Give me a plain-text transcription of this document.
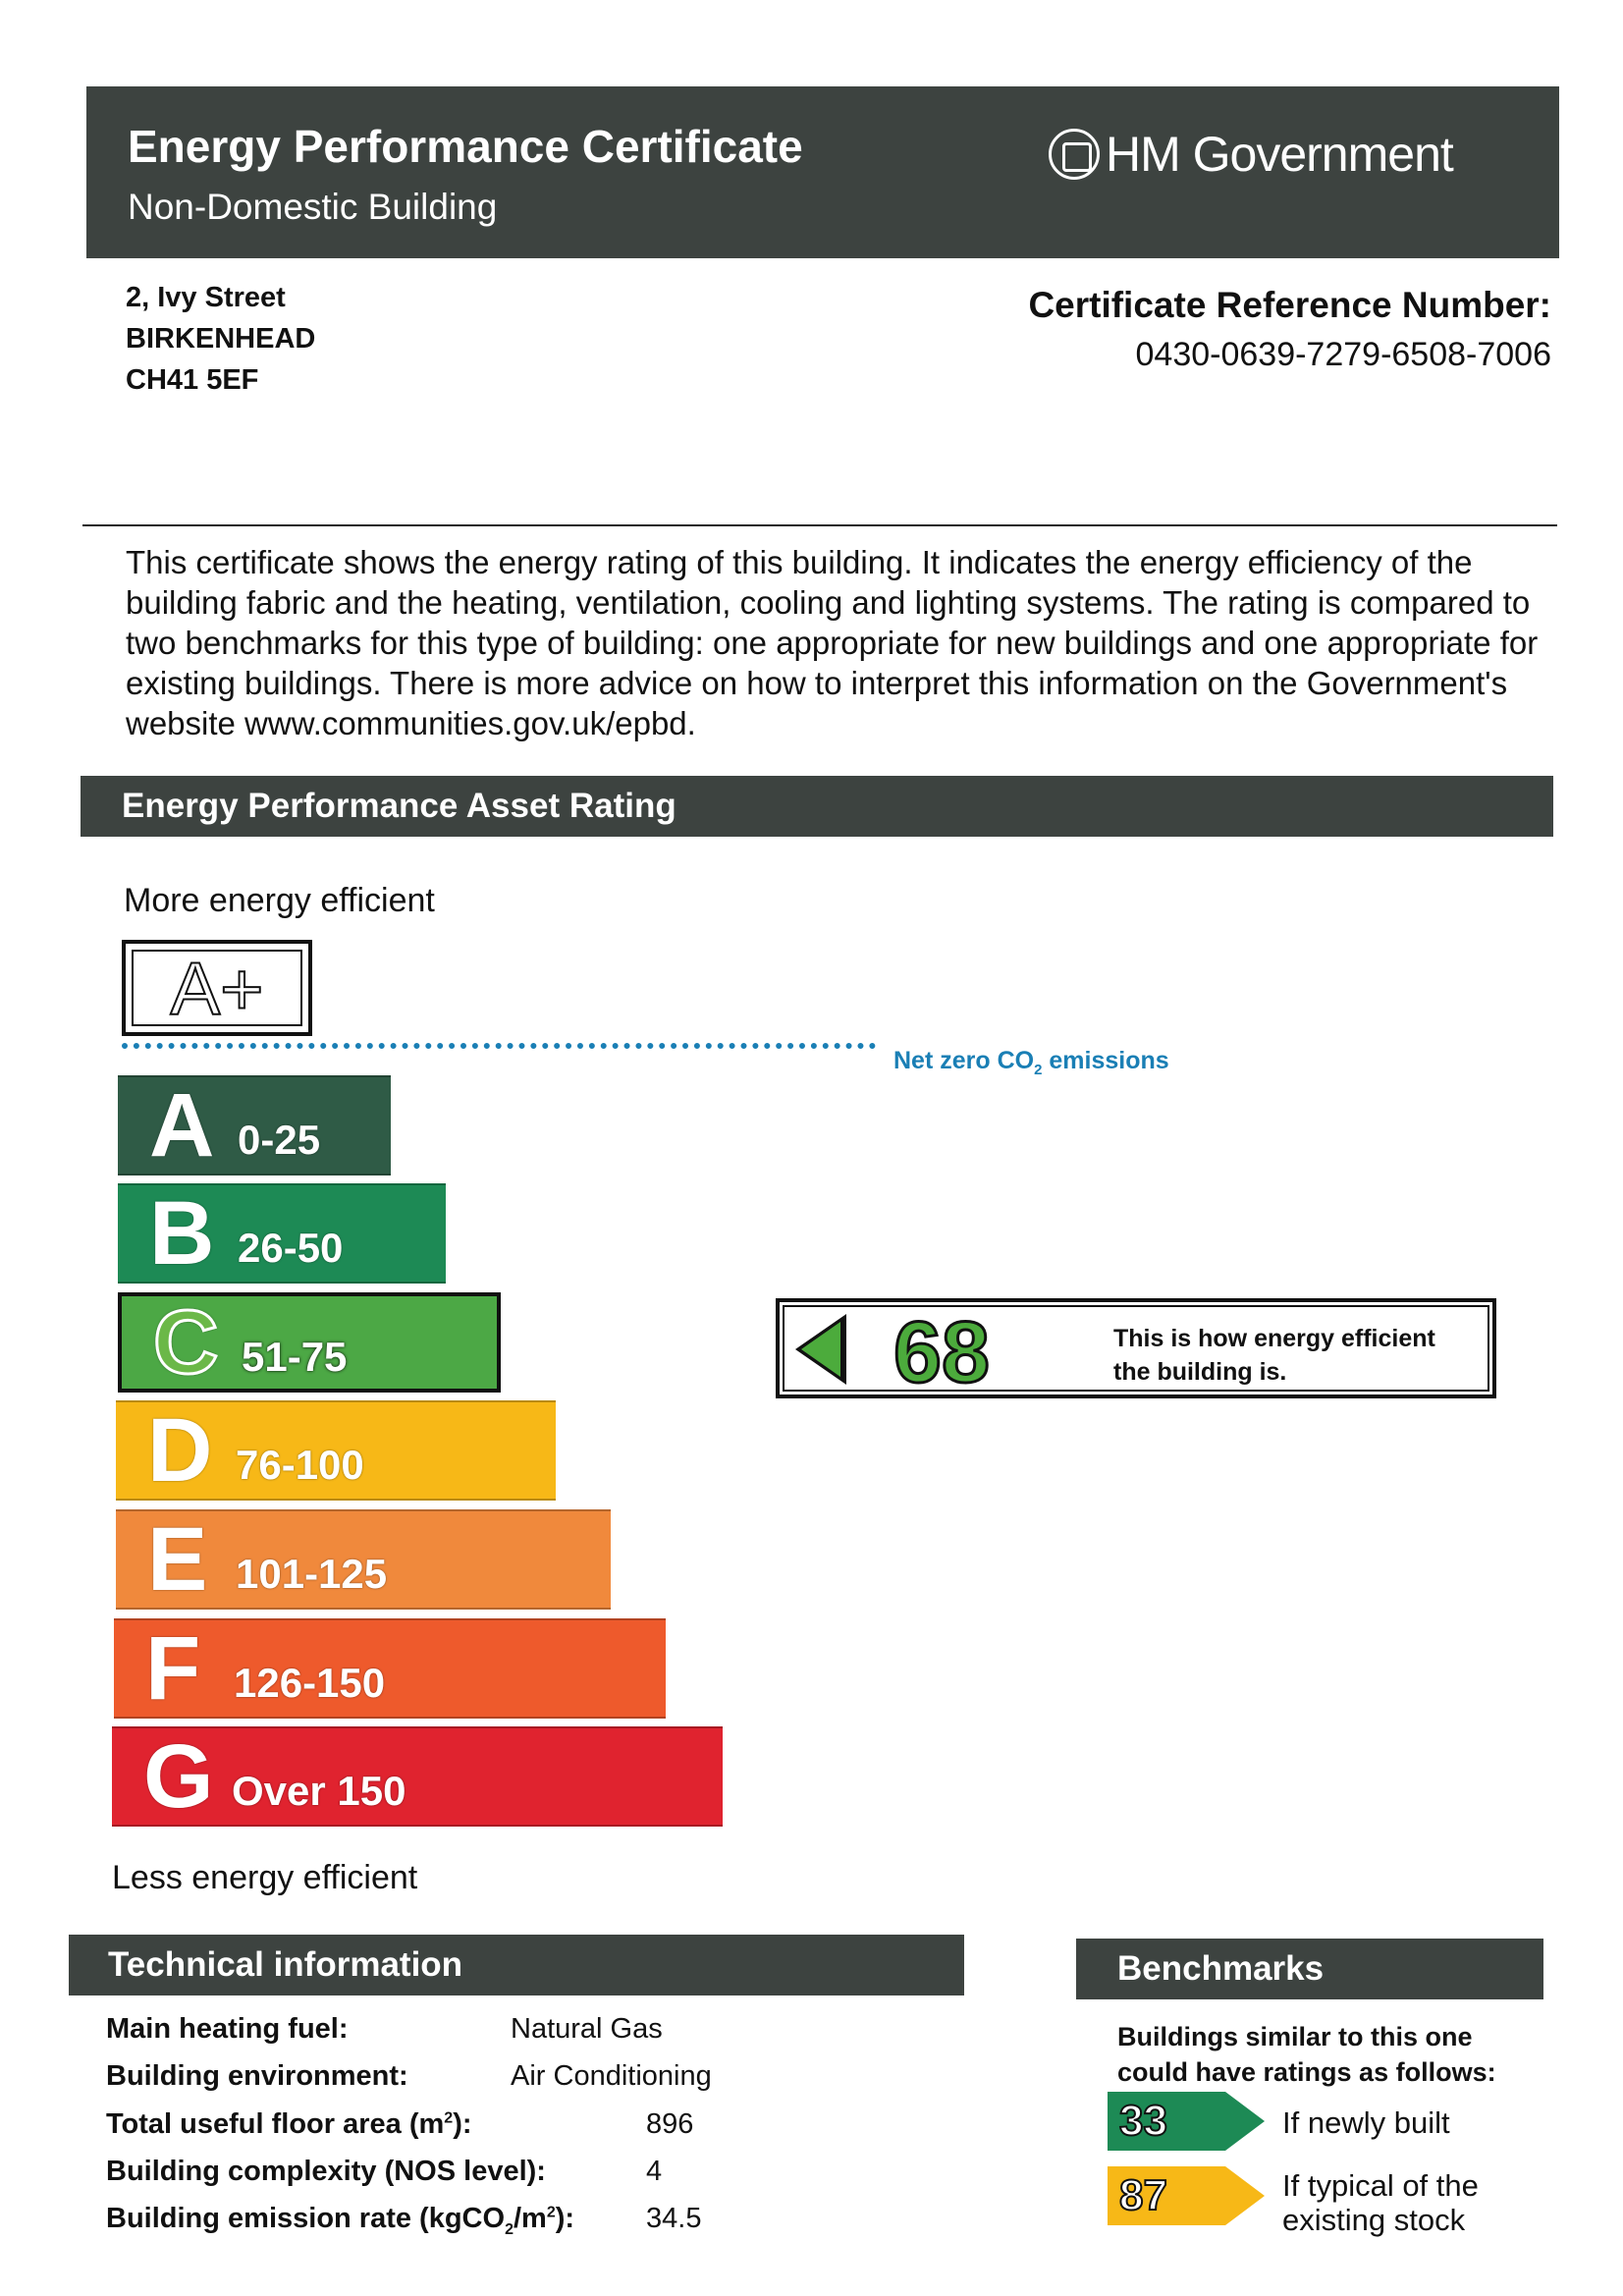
Energy Performance Certificate
Non-Domestic Building
HM Government
2, Ivy Street
BIRKENHEAD
CH41 5EF
Certificate Reference Number:
0430-0639-7279-6508-7006
This certificate shows the energy rating of this building. It indicates the energy efficiency of the building fabric and the heating, ventilation, cooling and lighting systems. The rating is compared to two benchmarks for this type of building: one appropriate for new buildings and one appropriate for existing buildings. There is more advice on how to interpret this information on the Government's website www.communities.gov.uk/epbd.
Energy Performance Asset Rating
More energy efficient
A+
Net zero $CO_2$ emissions
A 0-25
B 26-50
C 51-75
D 76-100
E 101-125
F 126-150
G Over 150
68	This is how energy efficient
the building is.
Less energy efficient
Technical information
Main heating fuel:	Natural Gas
Building environment:	Air Conditioning
Total useful floor area $(m^2)$:	896
Building complexity (NOS level):	4
Building emission rate $(kgCO_2/m^2)$:	34.5
Benchmarks
Buildings similar to this one
could have ratings as follows:
33	If newly built
87	If typical of the
existing stock
